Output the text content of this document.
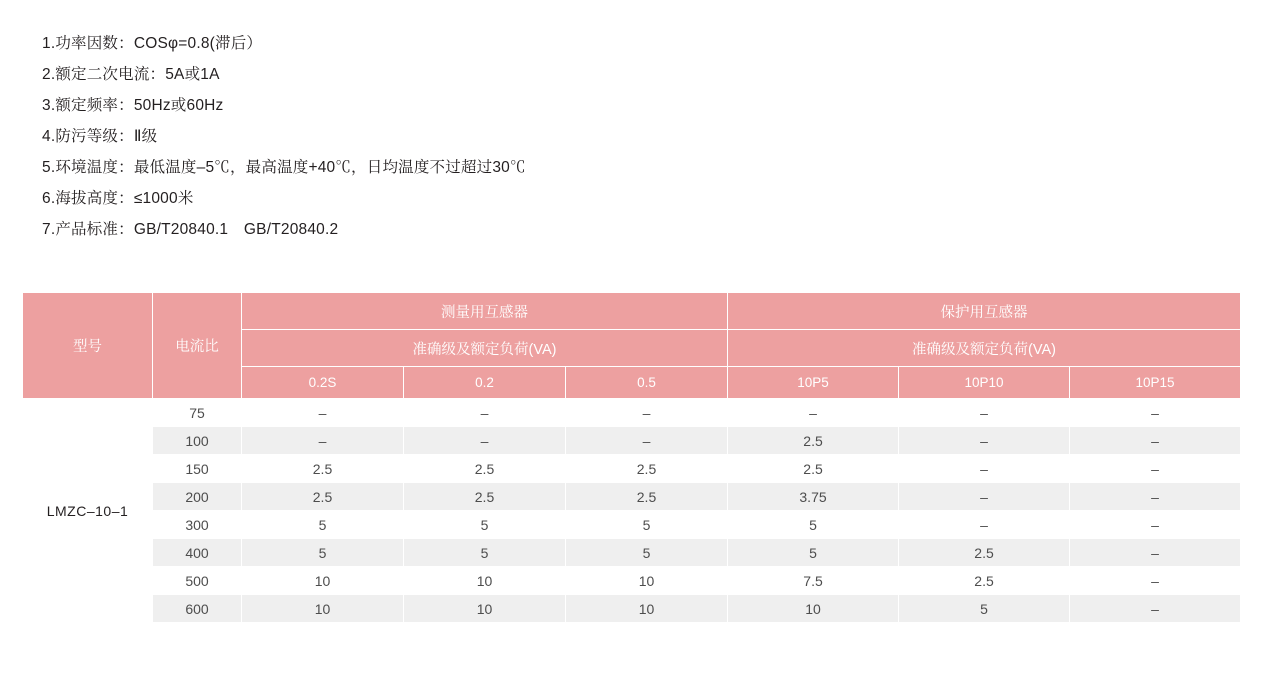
1.功率因数：COSφ=0.8(滞后）
2.额定二次电流：5A或1A
3.额定频率：50Hz或60Hz
4.防污等级：Ⅱ级
5.环境温度：最低温度–5℃，最高温度+40℃，日均温度不过超过30℃
6.海拔高度：≤1000米
7.产品标准：GB/T20840.1　GB/T20840.2
型号	电流比	测量用互感器			保护用互感器		
		准确级及额定负荷(VA)			准确级及额定负荷(VA)		
		0.2S	0.2	0.5	10P5	10P10	10P15
LMZC–10–1	75	–	–	–	–	–	–
	100	–	–	–	2.5	–	–
	150	2.5	2.5	2.5	2.5	–	–
	200	2.5	2.5	2.5	3.75	–	–
	300	5	5	5	5	–	–
	400	5	5	5	5	2.5	–
	500	10	10	10	7.5	2.5	–
	600	10	10	10	10	5	–
